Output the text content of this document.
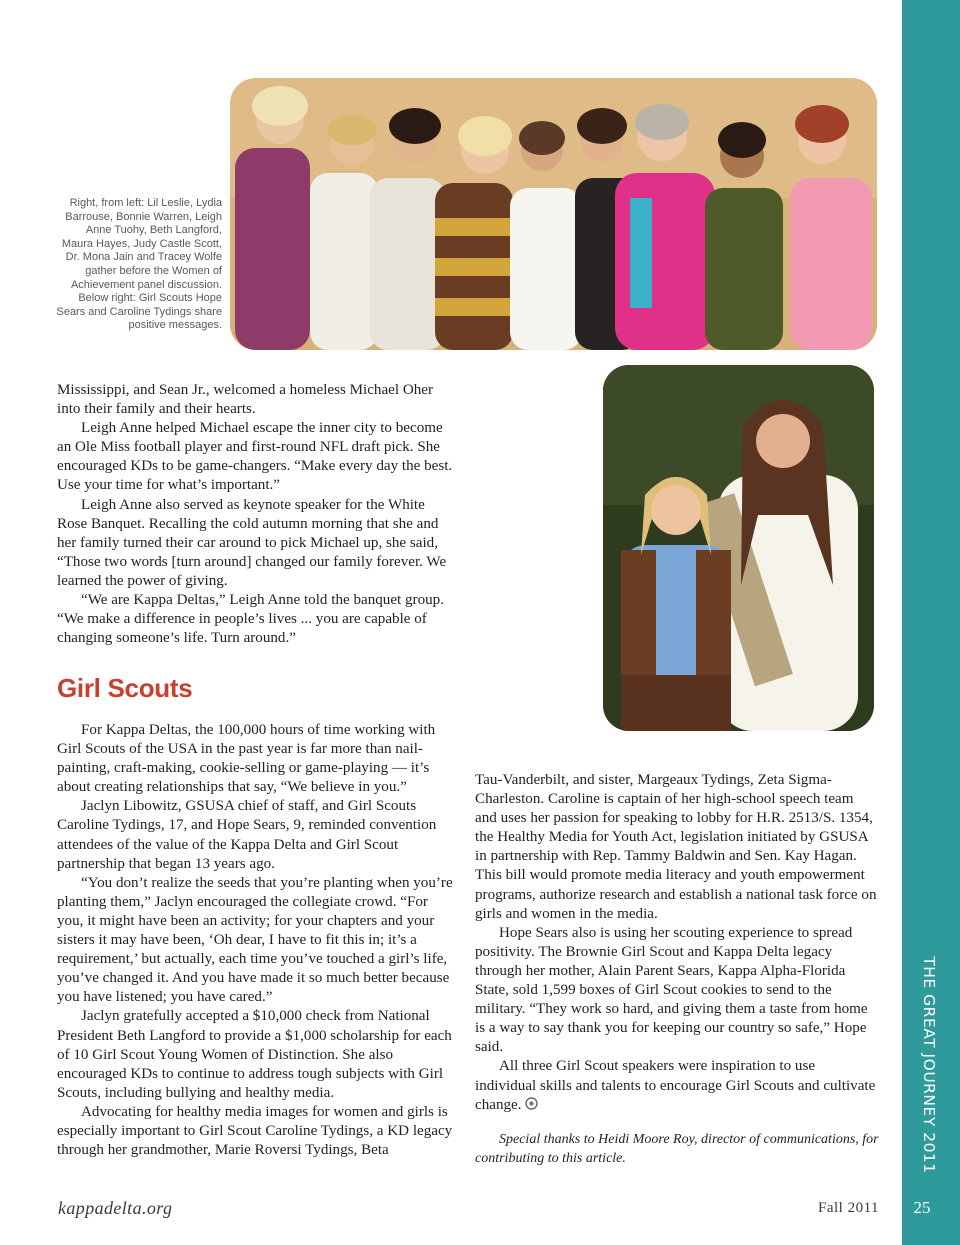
THE GREAT JOURNEY 2011
25
Right, from left: Lil Leslie, Lydia Barrouse, Bonnie Warren, Leigh Anne Tuohy, Beth Langford, Maura Hayes, Judy Castle Scott, Dr. Mona Jain and Tracey Wolfe gather before the Women of Achievement panel discussion. Below right: Girl Scouts Hope Sears and Caroline Tydings share positive messages.

Mississippi, and Sean Jr., welcomed a homeless Michael Oher into their family and their hearts.

Leigh Anne helped Michael escape the inner city to become an Ole Miss football player and first-round NFL draft pick. She encouraged KDs to be game-changers. “Make every day the best. Use your time for what’s important.”

Leigh Anne also served as keynote speaker for the White Rose Banquet. Recalling the cold autumn morning that she and her family turned their car around to pick Michael up, she said, “Those two words [turn around] changed our family forever. We learned the power of giving.

“We are Kappa Deltas,” Leigh Anne told the banquet group. “We make a difference in people’s lives ... you are capable of changing someone’s life. Turn around.”

Girl Scouts

For Kappa Deltas, the 100,000 hours of time working with Girl Scouts of the USA in the past year is far more than nail-painting, craft-making, cookie-selling or game-playing — it’s about creating relationships that say, “We believe in you.”

Jaclyn Libowitz, GSUSA chief of staff, and Girl Scouts Caroline Tydings, 17, and Hope Sears, 9, reminded convention attendees of the value of the Kappa Delta and Girl Scout partnership that began 13 years ago.

“You don’t realize the seeds that you’re planting when you’re planting them,” Jaclyn encouraged the collegiate crowd. “For you, it might have been an activity; for your chapters and your sisters it may have been, ‘Oh dear, I have to fit this in; it’s a requirement,’ but actually, each time you’ve touched a girl’s life, you’ve changed it. And you have made it so much better because you have listened; you have cared.”

Jaclyn gratefully accepted a $10,000 check from National President Beth Langford to provide a $1,000 scholarship for each of 10 Girl Scout Young Women of Distinction. She also encouraged KDs to continue to address tough subjects with Girl Scouts, including bullying and healthy media.

Advocating for healthy media images for women and girls is especially important to Girl Scout Caroline Tydings, a KD legacy through her grandmother, Marie Roversi Tydings, Beta

Tau-Vanderbilt, and sister, Margeaux Tydings, Zeta Sigma-Charleston. Caroline is captain of her high-school speech team and uses her passion for speaking to lobby for H.R. 2513/S. 1354, the Healthy Media for Youth Act, legislation initiated by GSUSA in partnership with Rep. Tammy Baldwin and Sen. Kay Hagan. This bill would promote media literacy and youth empowerment programs, authorize research and establish a national task force on girls and women in the media.

Hope Sears also is using her scouting experience to spread positivity. The Brownie Girl Scout and Kappa Delta legacy through her mother, Alain Parent Sears, Kappa Alpha-Florida State, sold 1,599 boxes of Girl Scout cookies to send to the military. “They work so hard, and giving them a taste from home is a way to say thank you for keeping our country so safe,” Hope said.

All three Girl Scout speakers were inspiration to use individual skills and talents to encourage Girl Scouts and cultivate change.

Special thanks to Heidi Moore Roy, director of communications, for contributing to this article.
kappadelta.org	Fall 2011
